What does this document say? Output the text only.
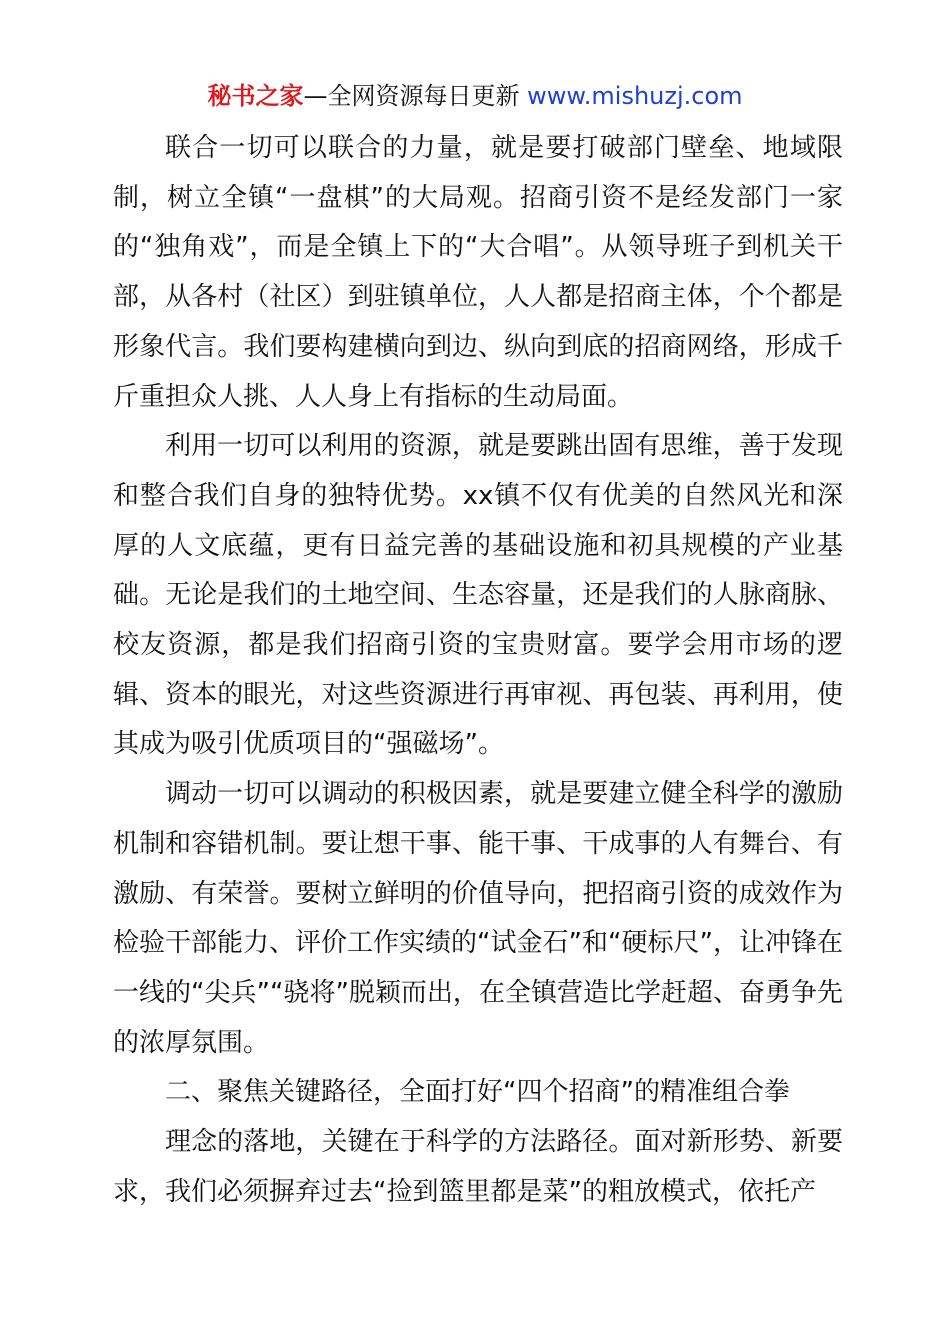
秘书之家—全网资源每日更新 www.mishuzj.com

联合一切可以联合的力量，就是要打破部门壁垒、地域限制，树立全镇“一盘棋”的大局观。招商引资不是经发部门一家的“独角戏”，而是全镇上下的“大合唱”。从领导班子到机关干部，从各村（社区）到驻镇单位，人人都是招商主体，个个都是形象代言。我们要构建横向到边、纵向到底的招商网络，形成千斤重担众人挑、人人身上有指标的生动局面。

利用一切可以利用的资源，就是要跳出固有思维，善于发现和整合我们自身的独特优势。xx镇不仅有优美的自然风光和深厚的人文底蕴，更有日益完善的基础设施和初具规模的产业基础。无论是我们的土地空间、生态容量，还是我们的人脉商脉、校友资源，都是我们招商引资的宝贵财富。要学会用市场的逻辑、资本的眼光，对这些资源进行再审视、再包装、再利用，使其成为吸引优质项目的“强磁场”。

调动一切可以调动的积极因素，就是要建立健全科学的激励机制和容错机制。要让想干事、能干事、干成事的人有舞台、有激励、有荣誉。要树立鲜明的价值导向，把招商引资的成效作为检验干部能力、评价工作实绩的“试金石”和“硬标尺”，让冲锋在一线的“尖兵”“骁将”脱颖而出，在全镇营造比学赶超、奋勇争先的浓厚氛围。

二、聚焦关键路径，全面打好“四个招商”的精准组合拳

理念的落地，关键在于科学的方法路径。面对新形势、新要求，我们必须摒弃过去“捡到篮里都是菜”的粗放模式，依托产
